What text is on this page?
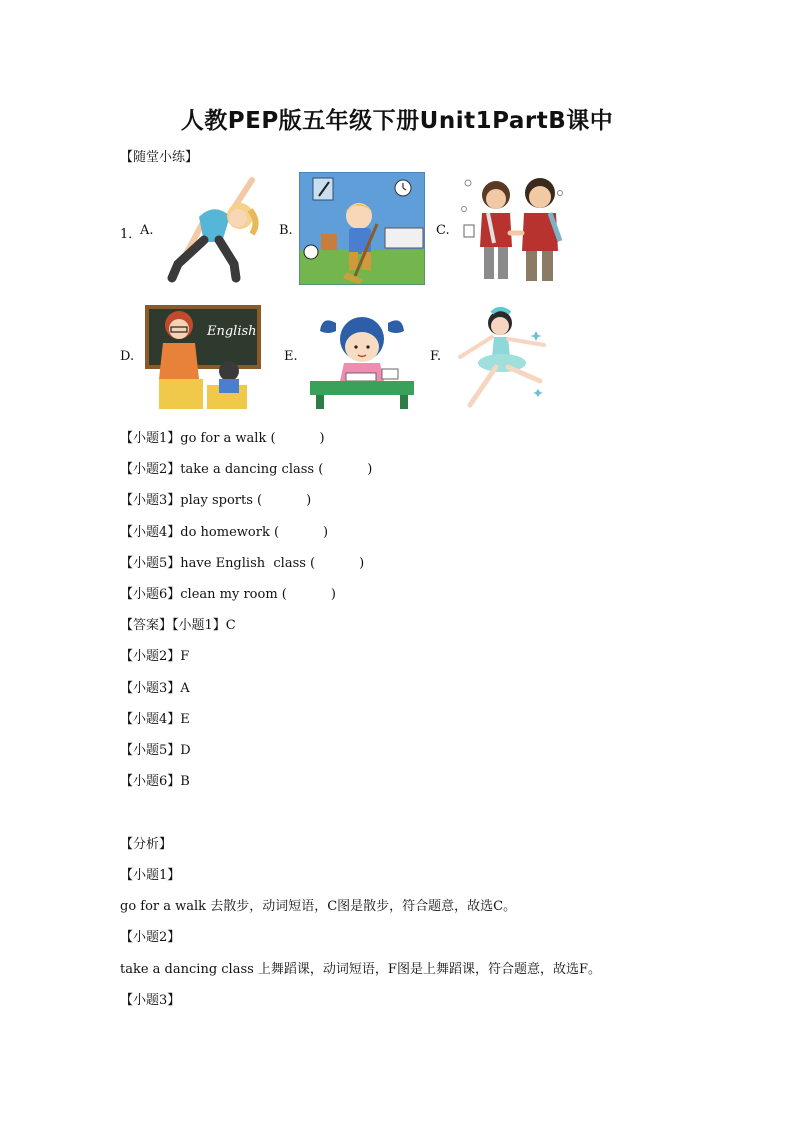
人教PEP版五年级下册Unit1PartB课中
【随堂小练】
1．
A.	B.	C.
D.	E.	F.
English
【小题1】go for a walk (	)
【小题2】take a dancing class (	)
【小题3】play sports (	)
【小题4】do homework (	)
【小题5】have English  class (	)
【小题6】clean my room (	)
【答案】【小题1】C
【小题2】F
【小题3】A
【小题4】E
【小题5】D
【小题6】B
【分析】
【小题1】
go for a walk 去散步，动词短语，C图是散步，符合题意，故选C。
【小题2】
take a dancing class 上舞蹈课，动词短语，F图是上舞蹈课，符合题意，故选F。
【小题3】
